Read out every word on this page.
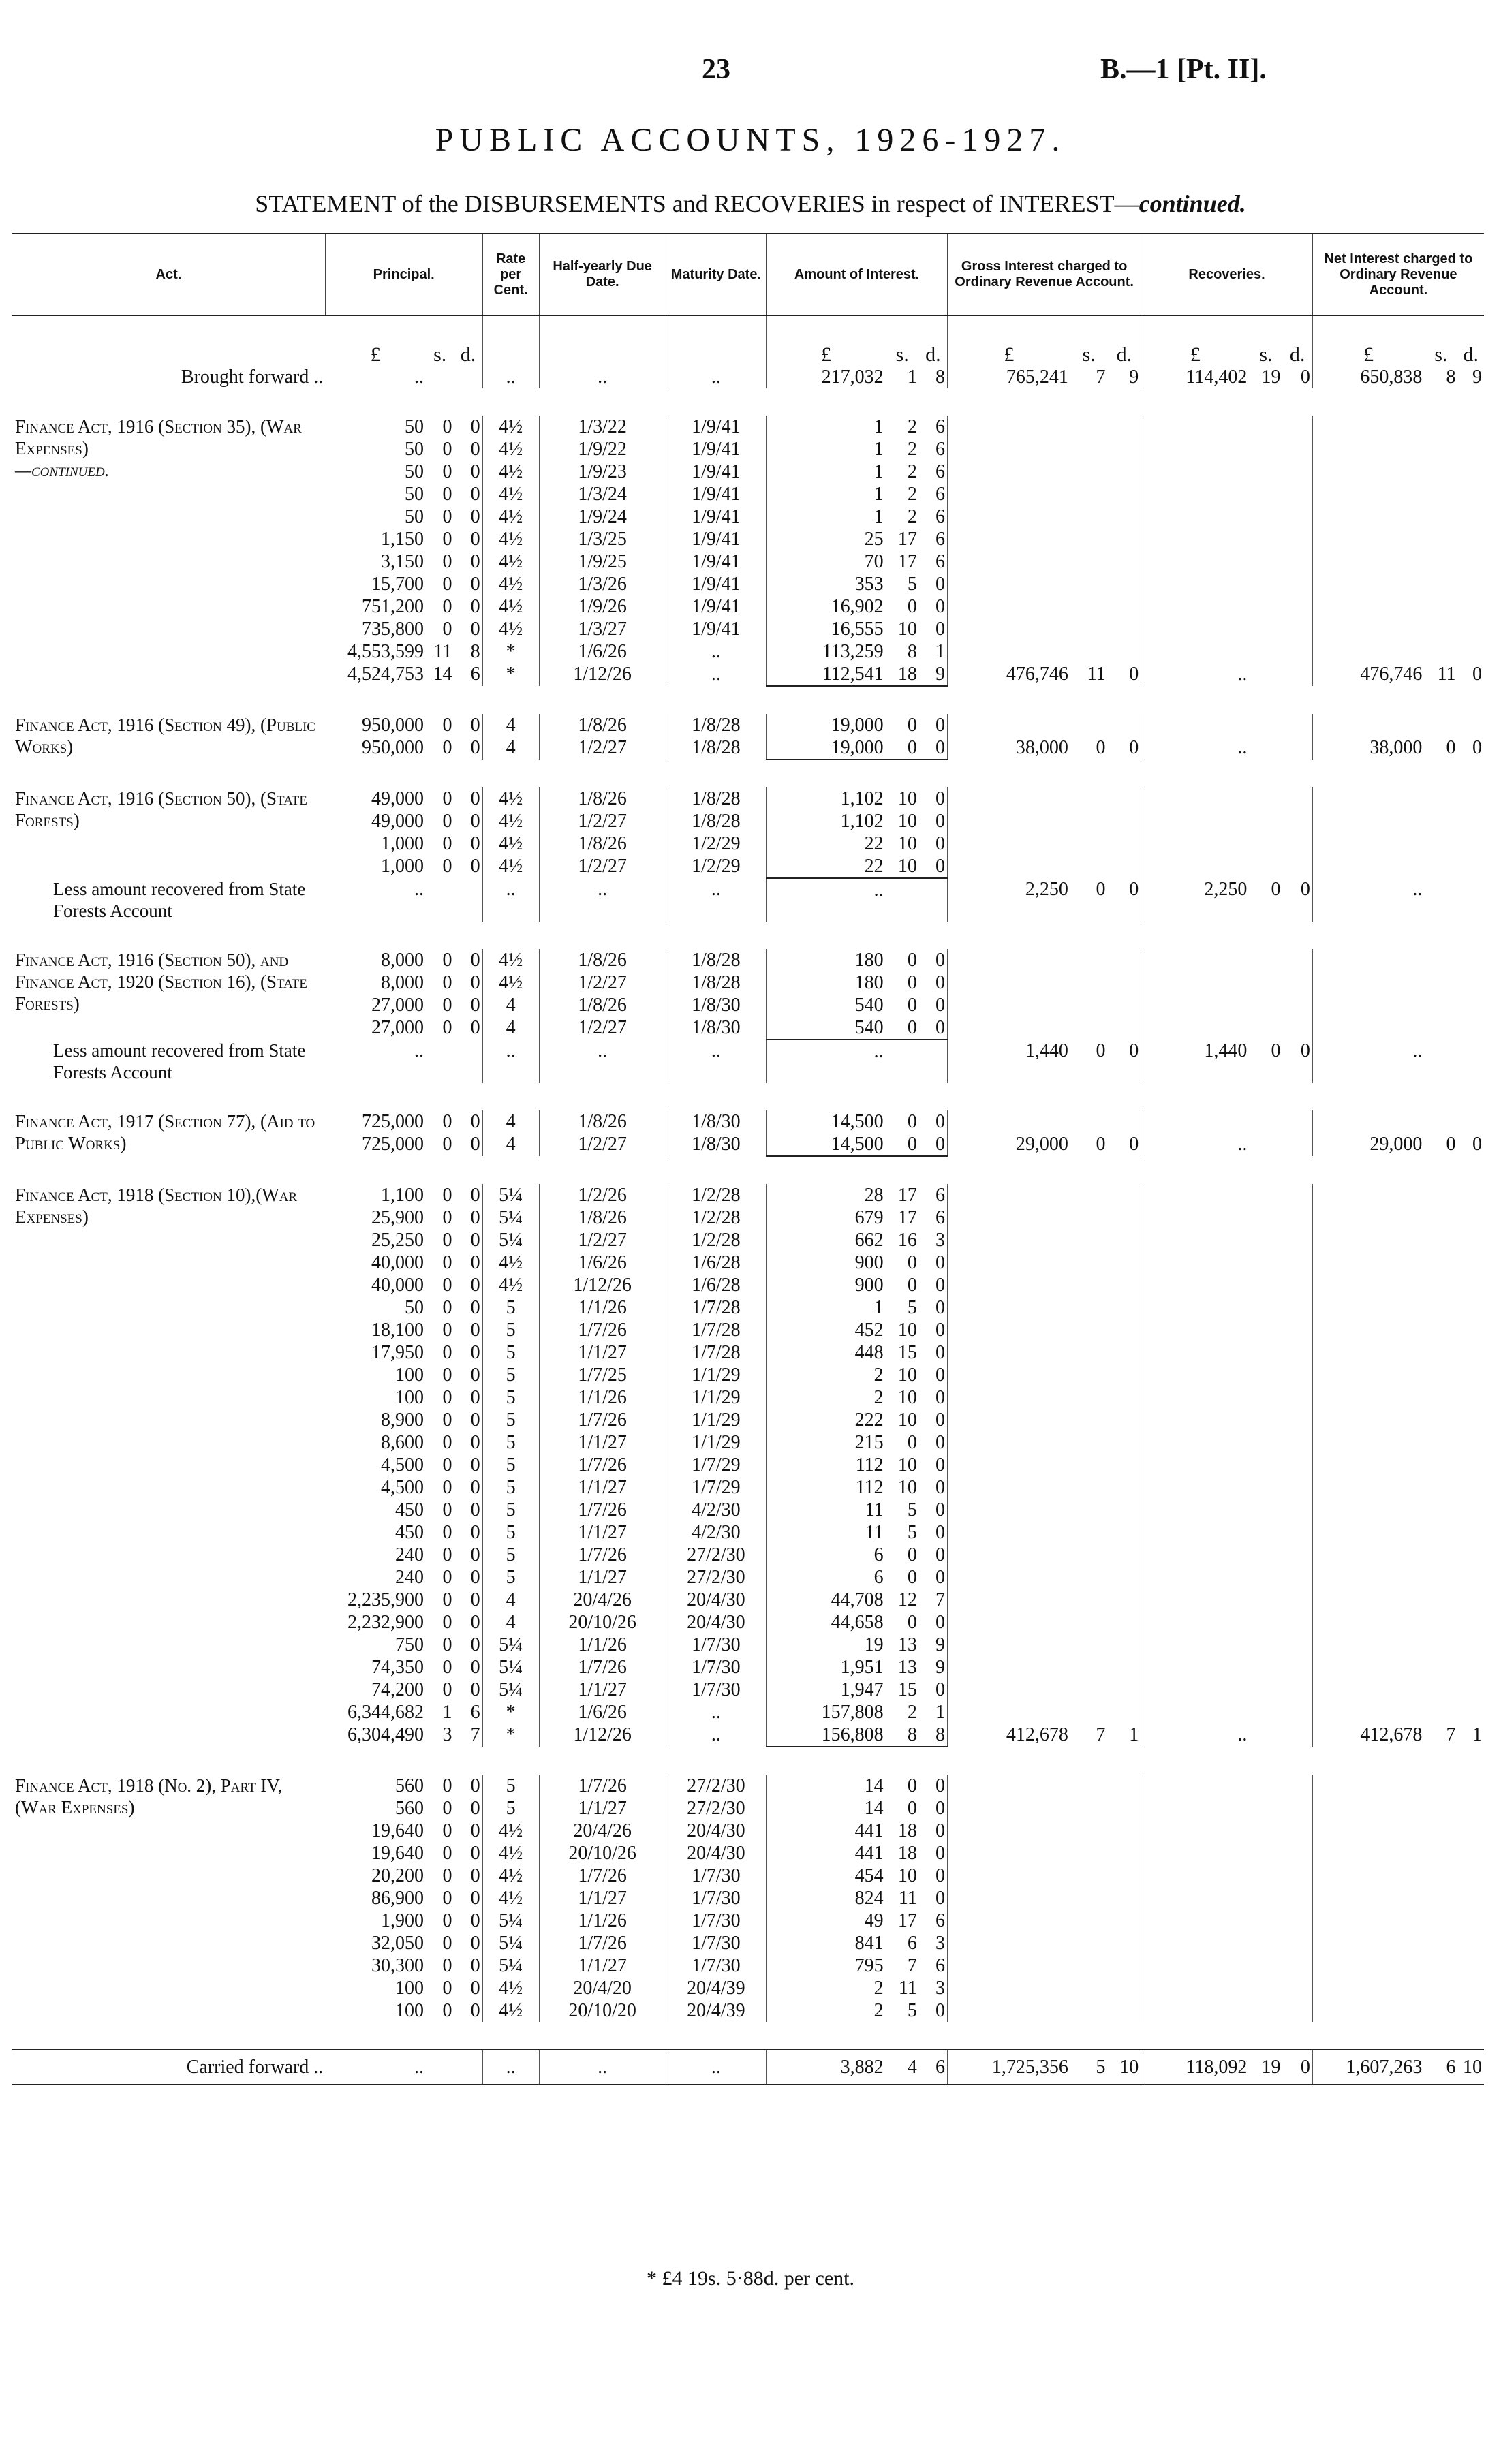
23	B.—1 [Pt. II].
PUBLIC ACCOUNTS, 1926-1927.
STATEMENT of the DISBURSEMENTS and RECOVERIES in respect of INTEREST—continued.
Act.	Principal.			Rate per Cent.	Half-yearly Due Date.	Maturity Date.	Amount of Interest.			Gross Interest charged to Ordinary Revenue Account.			Recoveries.			Net Interest charged to Ordinary Revenue Account.		
	£	s.	d.				£	s.	d.	£	s.	d.	£	s.	d.	£	s.	d.
Brought forward ..	..			..	..	..	217,032	1	8	765,241	7	9	114,402	19	0	650,838	8	9

Finance Act, 1916 (Section 35), (War Expenses)
—continued.	50	0	0	4½	1/3/22	1/9/41	1	2	6									
	50	0	0	4½	1/9/22	1/9/41	1	2	6									
	50	0	0	4½	1/9/23	1/9/41	1	2	6									
	50	0	0	4½	1/3/24	1/9/41	1	2	6									
	50	0	0	4½	1/9/24	1/9/41	1	2	6									
	1,150	0	0	4½	1/3/25	1/9/41	25	17	6									
	3,150	0	0	4½	1/9/25	1/9/41	70	17	6									
	15,700	0	0	4½	1/3/26	1/9/41	353	5	0									
	751,200	0	0	4½	1/9/26	1/9/41	16,902	0	0									
	735,800	0	0	4½	1/3/27	1/9/41	16,555	10	0									
	4,553,599	11	8	*	1/6/26	..	113,259	8	1									
	4,524,753	14	6	*	1/12/26	..	112,541	18	9	476,746	11	0	..			476,746	11	0

Finance Act, 1916 (Section 49), (Public Works)	950,000	0	0	4	1/8/26	1/8/28	19,000	0	0									
	950,000	0	0	4	1/2/27	1/8/28	19,000	0	0	38,000	0	0	..			38,000	0	0

Finance Act, 1916 (Section 50), (State Forests)	49,000	0	0	4½	1/8/26	1/8/28	1,102	10	0									
	49,000	0	0	4½	1/2/27	1/8/28	1,102	10	0									
	1,000	0	0	4½	1/8/26	1/2/29	22	10	0									
	1,000	0	0	4½	1/2/27	1/2/29	22	10	0									
Less amount recovered from State Forests Account	..			..	..	..	..			2,250	0	0	2,250	0	0	..		

Finance Act, 1916 (Section 50), and Finance Act, 1920 (Section 16), (State Forests)	8,000	0	0	4½	1/8/26	1/8/28	180	0	0									
	8,000	0	0	4½	1/2/27	1/8/28	180	0	0									
	27,000	0	0	4	1/8/26	1/8/30	540	0	0									
	27,000	0	0	4	1/2/27	1/8/30	540	0	0									
Less amount recovered from State Forests Account	..			..	..	..	..			1,440	0	0	1,440	0	0	..		

Finance Act, 1917 (Section 77), (Aid to Public Works)	725,000	0	0	4	1/8/26	1/8/30	14,500	0	0									
	725,000	0	0	4	1/2/27	1/8/30	14,500	0	0	29,000	0	0	..			29,000	0	0

Finance Act, 1918 (Section 10),(War Expenses)	1,100	0	0	5¼	1/2/26	1/2/28	28	17	6									
	25,900	0	0	5¼	1/8/26	1/2/28	679	17	6									
	25,250	0	0	5¼	1/2/27	1/2/28	662	16	3									
	40,000	0	0	4½	1/6/26	1/6/28	900	0	0									
	40,000	0	0	4½	1/12/26	1/6/28	900	0	0									
	50	0	0	5	1/1/26	1/7/28	1	5	0									
	18,100	0	0	5	1/7/26	1/7/28	452	10	0									
	17,950	0	0	5	1/1/27	1/7/28	448	15	0									
	100	0	0	5	1/7/25	1/1/29	2	10	0									
	100	0	0	5	1/1/26	1/1/29	2	10	0									
	8,900	0	0	5	1/7/26	1/1/29	222	10	0									
	8,600	0	0	5	1/1/27	1/1/29	215	0	0									
	4,500	0	0	5	1/7/26	1/7/29	112	10	0									
	4,500	0	0	5	1/1/27	1/7/29	112	10	0									
	450	0	0	5	1/7/26	4/2/30	11	5	0									
	450	0	0	5	1/1/27	4/2/30	11	5	0									
	240	0	0	5	1/7/26	27/2/30	6	0	0									
	240	0	0	5	1/1/27	27/2/30	6	0	0									
	2,235,900	0	0	4	20/4/26	20/4/30	44,708	12	7									
	2,232,900	0	0	4	20/10/26	20/4/30	44,658	0	0									
	750	0	0	5¼	1/1/26	1/7/30	19	13	9									
	74,350	0	0	5¼	1/7/26	1/7/30	1,951	13	9									
	74,200	0	0	5¼	1/1/27	1/7/30	1,947	15	0									
	6,344,682	1	6	*	1/6/26	..	157,808	2	1									
	6,304,490	3	7	*	1/12/26	..	156,808	8	8	412,678	7	1	..			412,678	7	1

Finance Act, 1918 (No. 2), Part IV, (War Expenses)	560	0	0	5	1/7/26	27/2/30	14	0	0									
	560	0	0	5	1/1/27	27/2/30	14	0	0									
	19,640	0	0	4½	20/4/26	20/4/30	441	18	0									
	19,640	0	0	4½	20/10/26	20/4/30	441	18	0									
	20,200	0	0	4½	1/7/26	1/7/30	454	10	0									
	86,900	0	0	4½	1/1/27	1/7/30	824	11	0									
	1,900	0	0	5¼	1/1/26	1/7/30	49	17	6									
	32,050	0	0	5¼	1/7/26	1/7/30	841	6	3									
	30,300	0	0	5¼	1/1/27	1/7/30	795	7	6									
	100	0	0	4½	20/4/20	20/4/39	2	11	3									
	100	0	0	4½	20/10/20	20/4/39	2	5	0									

Carried forward ..	..			..	..	..	3,882	4	6	1,725,356	5	10	118,092	19	0	1,607,263	6	10
* £4 19s. 5·88d. per cent.
